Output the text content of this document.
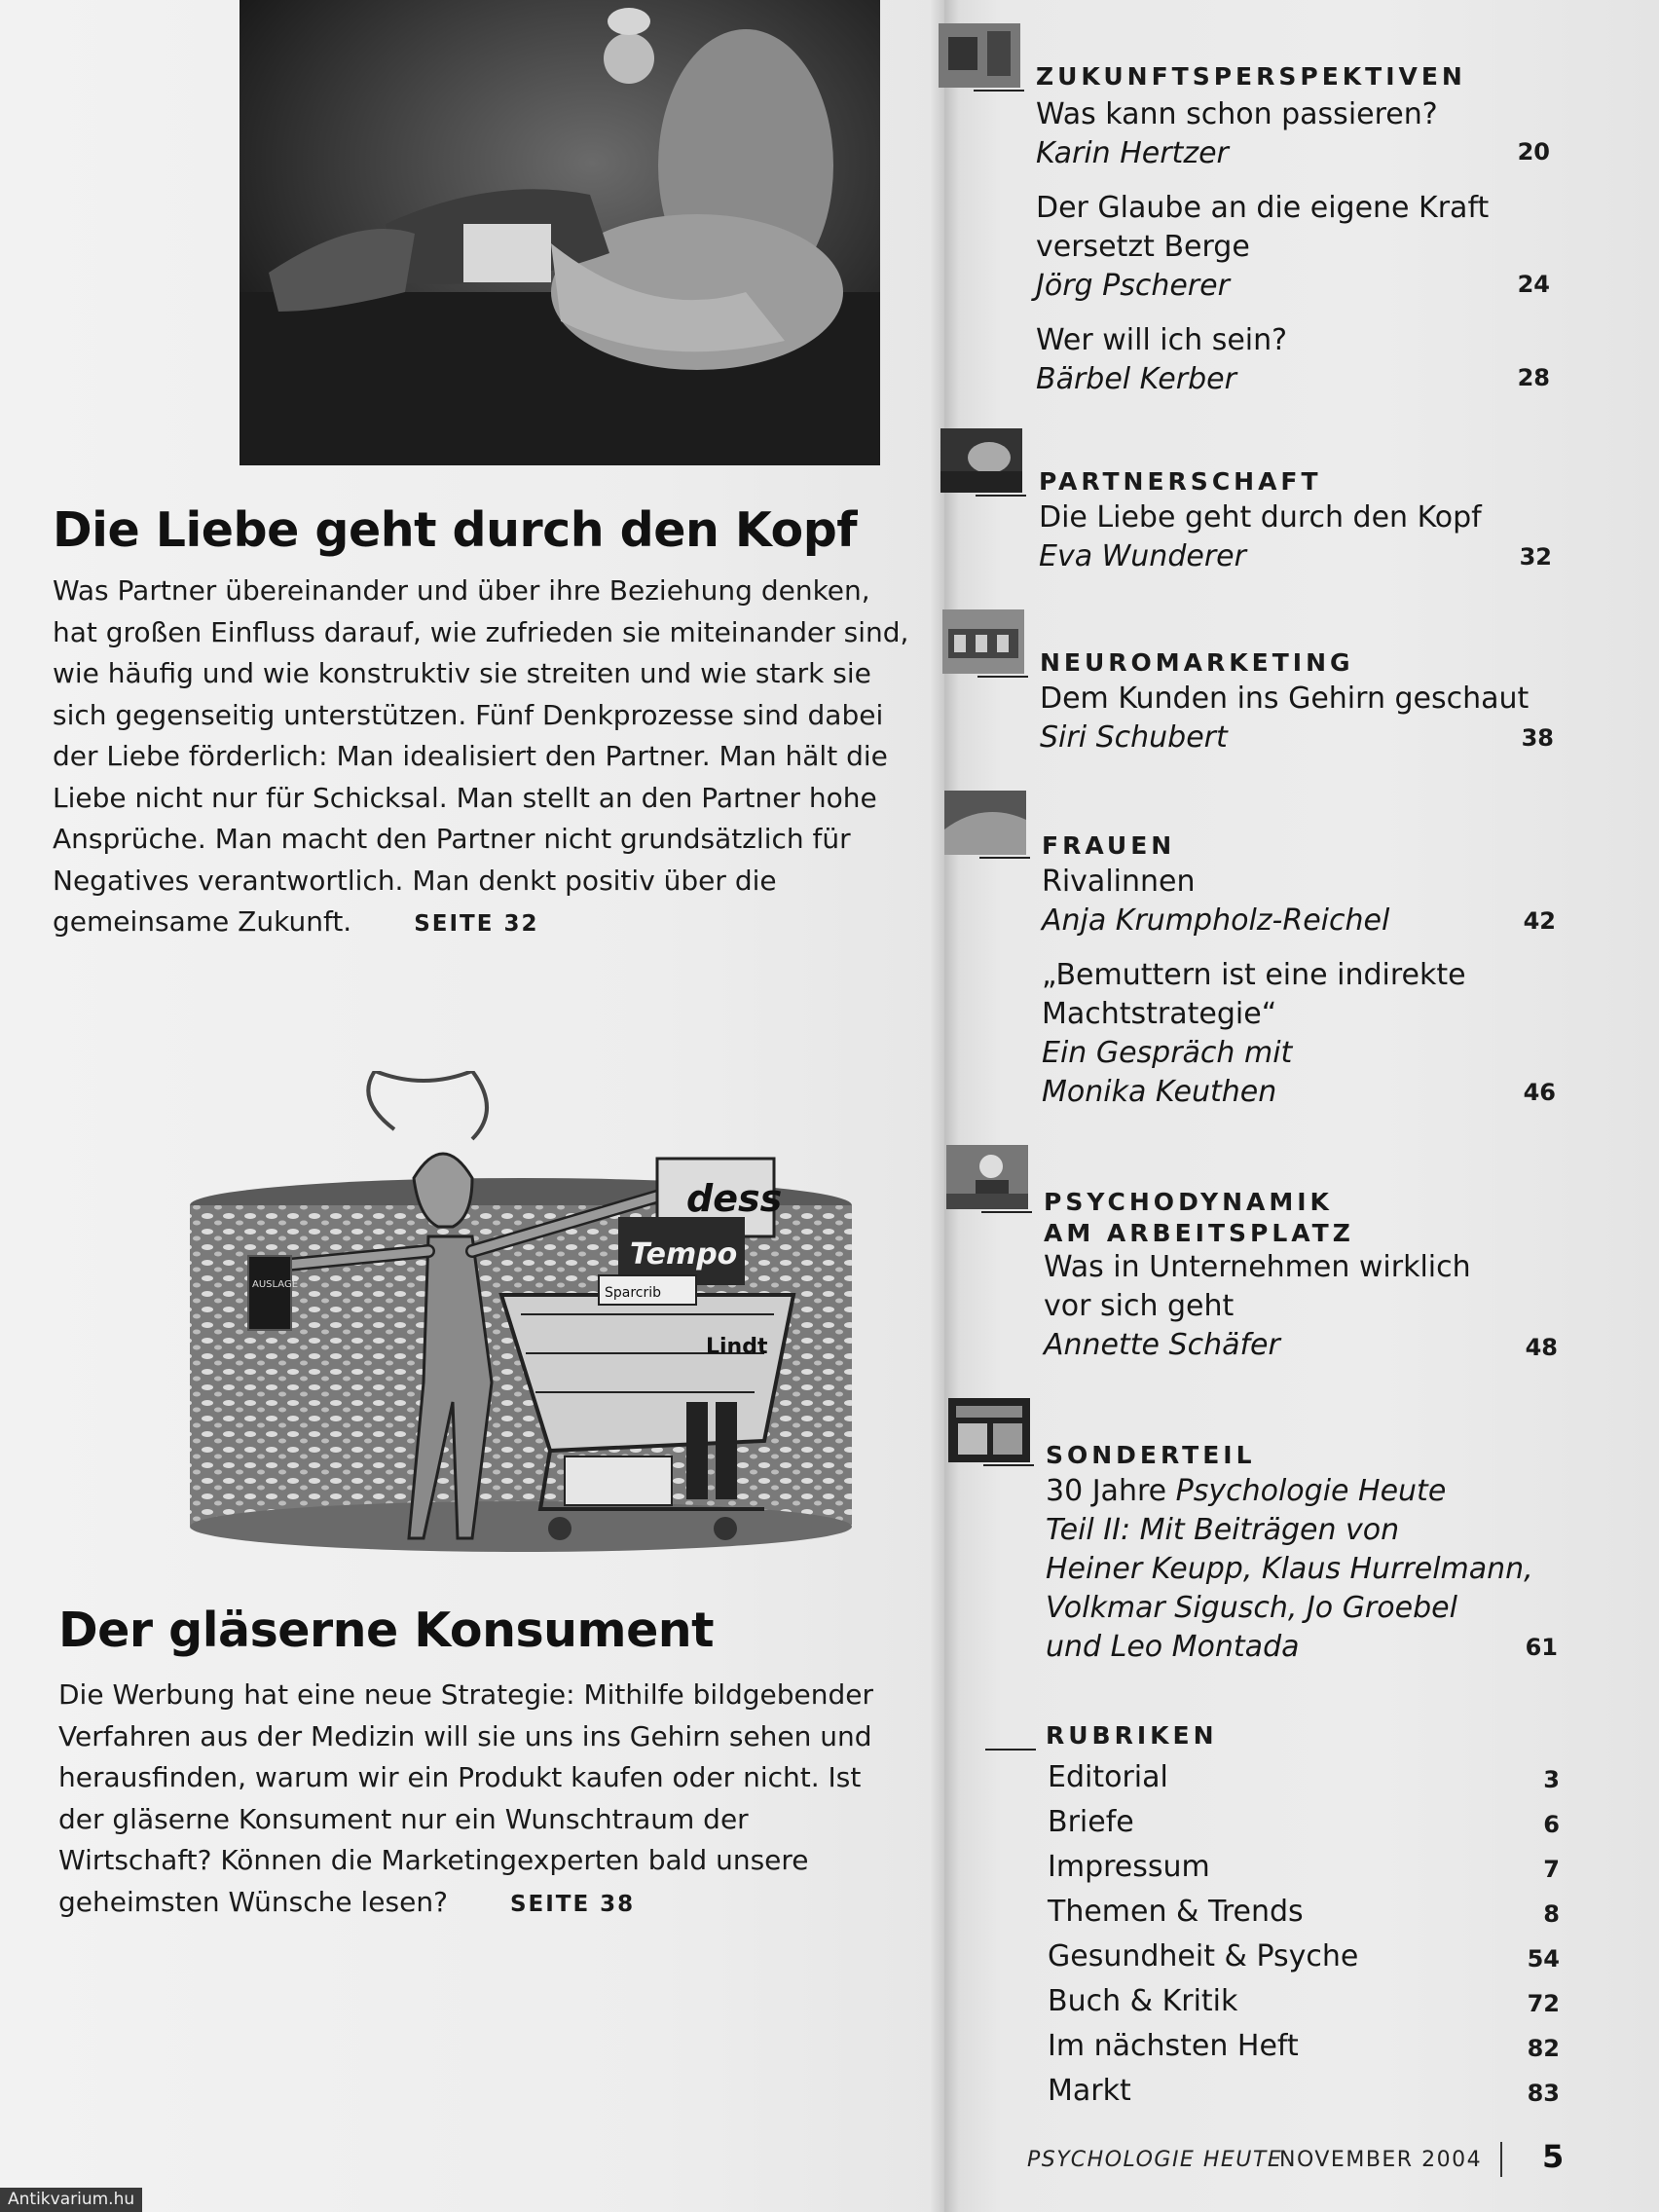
Die Liebe geht durch den Kopf

Was Partner übereinander und über ihre Beziehung denken, hat großen Einfluss darauf, wie zufrieden sie miteinander sind, wie häufig und wie konstruktiv sie streiten und wie stark sie sich gegenseitig unterstützen. Fünf Denkprozesse sind dabei der Liebe förderlich: Man idealisiert den Partner. Man hält die Liebe nicht nur für Schicksal. Man stellt an den Partner hohe Ansprüche. Man macht den Partner nicht grundsätzlich für Negatives verantwortlich. Man denkt positiv über die gemeinsame Zukunft.	SEITE 32

dess
Tempo
AUSLAGE
Sparcrib
Lindt
Der gläserne Konsument

Die Werbung hat eine neue Strategie: Mithilfe bildgebender Verfahren aus der Medizin will sie uns ins Gehirn sehen und herausfinden, warum wir ein Produkt kaufen oder nicht. Ist der gläserne Konsument nur ein Wunschtraum der Wirtschaft? Können die Marketingexperten bald unsere geheimsten Wünsche lesen?	SEITE 38

ZUKUNFTSPERSPEKTIVEN
Was kann schon passieren?
Karin Hertzer	20
Der Glaube an die eigene Kraft
versetzt Berge
Jörg Pscherer	24
Wer will ich sein?
Bärbel Kerber	28
PARTNERSCHAFT
Die Liebe geht durch den Kopf
Eva Wunderer	32
NEUROMARKETING
Dem Kunden ins Gehirn geschaut
Siri Schubert	38
FRAUEN
Rivalinnen
Anja Krumpholz-Reichel	42
„Bemuttern ist eine indirekte
Machtstrategie“
Ein Gespräch mit
Monika Keuthen	46
PSYCHODYNAMIK
AM ARBEITSPLATZ
Was in Unternehmen wirklich
vor sich geht
Annette Schäfer	48
SONDERTEIL
30 Jahre Psychologie Heute
Teil II: Mit Beiträgen von
Heiner Keupp, Klaus Hurrelmann,
Volkmar Sigusch, Jo Groebel
und Leo Montada	61
RUBRIKEN
Editorial	3
Briefe	6
Impressum	7
Themen & Trends	8
Gesundheit & Psyche	54
Buch & Kritik	72
Im nächsten Heft	82
Markt	83
PSYCHOLOGIE HEUTE
NOVEMBER 2004 5
Antikvarium.hu
